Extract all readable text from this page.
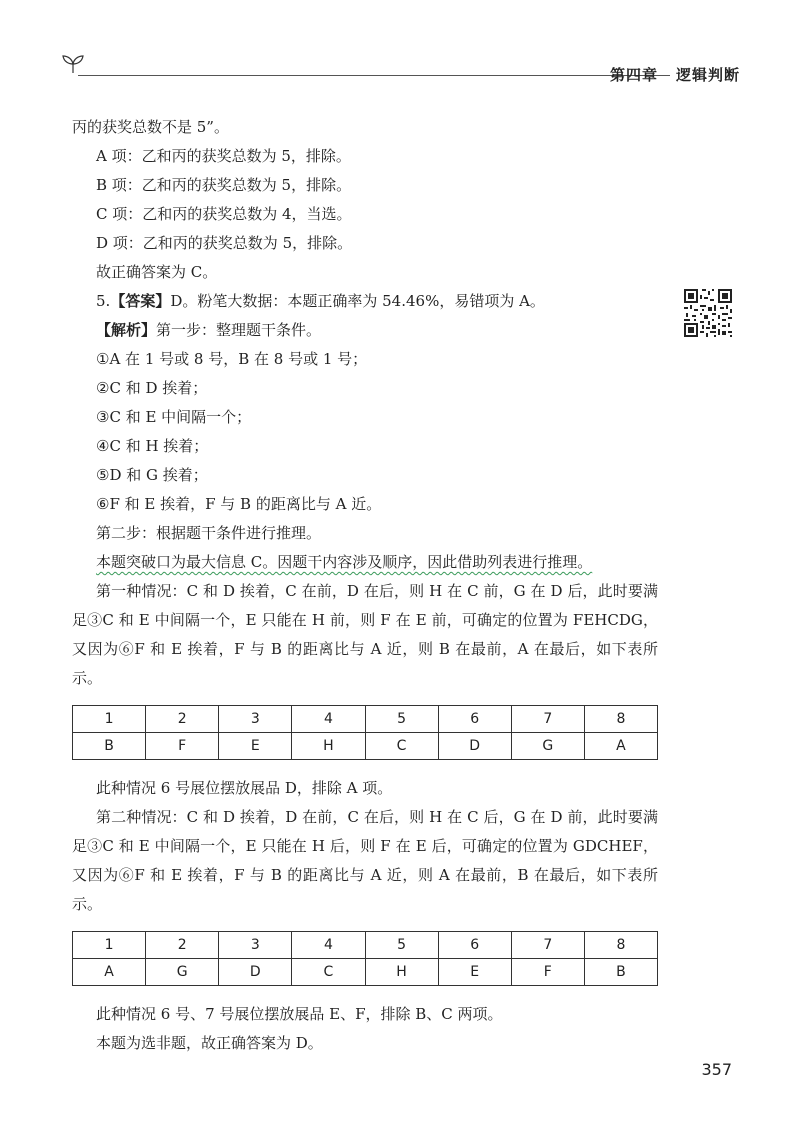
第四章 逻辑判断
丙的获奖总数不是 5”。
A 项：乙和丙的获奖总数为 5，排除。
B 项：乙和丙的获奖总数为 5，排除。
C 项：乙和丙的获奖总数为 4，当选。
D 项：乙和丙的获奖总数为 5，排除。
故正确答案为 C。
5.【答案】D。粉笔大数据：本题正确率为 54.46%，易错项为 A。
【解析】第一步：整理题干条件。
①A 在 1 号或 8 号，B 在 8 号或 1 号；
②C 和 D 挨着；
③C 和 E 中间隔一个；
④C 和 H 挨着；
⑤D 和 G 挨着；
⑥F 和 E 挨着，F 与 B 的距离比与 A 近。
第二步：根据题干条件进行推理。
本题突破口为最大信息 C。因题干内容涉及顺序，因此借助列表进行推理。

第一种情况：C 和 D 挨着，C 在前，D 在后，则 H 在 C 前，G 在 D 后，此时要满足③C 和 E 中间隔一个，E 只能在 H 前，则 F 在 E 前，可确定的位置为 FEHCDG，又因为⑥F 和 E 挨着，F 与 B 的距离比与 A 近，则 B 在最前，A 在最后，如下表所示。

1	2	3	4	5	6	7	8
B	F	E	H	C	D	G	A
此种情况 6 号展位摆放展品 D，排除 A 项。

第二种情况：C 和 D 挨着，D 在前，C 在后，则 H 在 C 后，G 在 D 前，此时要满足③C 和 E 中间隔一个，E 只能在 H 后，则 F 在 E 后，可确定的位置为 GDCHEF，又因为⑥F 和 E 挨着，F 与 B 的距离比与 A 近，则 A 在最前，B 在最后，如下表所示。

1	2	3	4	5	6	7	8
A	G	D	C	H	E	F	B
此种情况 6 号、7 号展位摆放展品 E、F，排除 B、C 两项。
本题为选非题，故正确答案为 D。
357
